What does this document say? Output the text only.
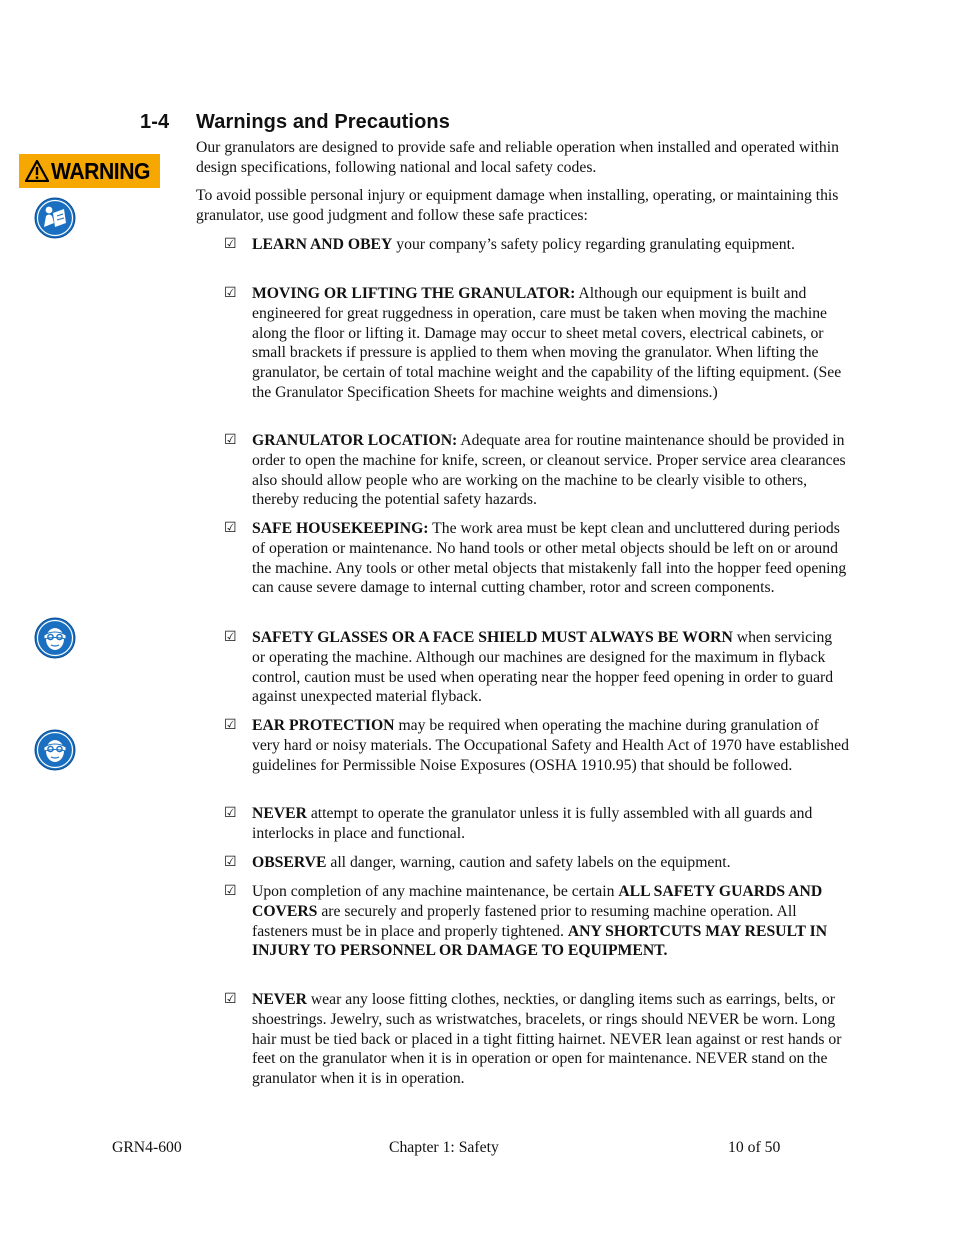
1-4 Warnings and Precautions
WARNING

Our granulators are designed to provide safe and reliable operation when installed and operated within design specifications, following national and local safety codes.

To avoid possible personal injury or equipment damage when installing, operating, or maintaining this granulator, use good judgment and follow these safe practices:

☑ LEARN AND OBEY your company’s safety policy regarding granulating equipment.
☑ MOVING OR LIFTING THE GRANULATOR: Although our equipment is built and engineered for great ruggedness in operation, care must be taken when moving the machine along the floor or lifting it. Damage may occur to sheet metal covers, electrical cabinets, or small brackets if pressure is applied to them when moving the granulator. When lifting the granulator, be certain of total machine weight and the capability of the lifting equipment. (See the Granulator Specification Sheets for machine weights and dimensions.)
☑ GRANULATOR LOCATION: Adequate area for routine maintenance should be provided in order to open the machine for knife, screen, or cleanout service. Proper service area clearances also should allow people who are working on the machine to be clearly visible to others, thereby reducing the potential safety hazards.
☑ SAFE HOUSEKEEPING: The work area must be kept clean and uncluttered during periods of operation or maintenance. No hand tools or other metal objects should be left on or around the machine. Any tools or other metal objects that mistakenly fall into the hopper feed opening can cause severe damage to internal cutting chamber, rotor and screen components.
☑ SAFETY GLASSES OR A FACE SHIELD MUST ALWAYS BE WORN when servicing or operating the machine. Although our machines are designed for the maximum in flyback control, caution must be used when operating near the hopper feed opening in order to guard against unexpected material flyback.
☑ EAR PROTECTION may be required when operating the machine during granulation of very hard or noisy materials. The Occupational Safety and Health Act of 1970 have established guidelines for Permissible Noise Exposures (OSHA 1910.95) that should be followed.
☑ NEVER attempt to operate the granulator unless it is fully assembled with all guards and interlocks in place and functional.
☑ OBSERVE all danger, warning, caution and safety labels on the equipment.
☑ Upon completion of any machine maintenance, be certain ALL SAFETY GUARDS AND COVERS are securely and properly fastened prior to resuming machine operation. All fasteners must be in place and properly tightened. ANY SHORTCUTS MAY RESULT IN INJURY TO PERSONNEL OR DAMAGE TO EQUIPMENT.
☑ NEVER wear any loose fitting clothes, neckties, or dangling items such as earrings, belts, or shoestrings. Jewelry, such as wristwatches, bracelets, or rings should NEVER be worn. Long hair must be tied back or placed in a tight fitting hairnet. NEVER lean against or rest hands or feet on the granulator when it is in operation or open for maintenance. NEVER stand on the granulator when it is in operation.
GRN4-600	Chapter 1: Safety	10 of 50
